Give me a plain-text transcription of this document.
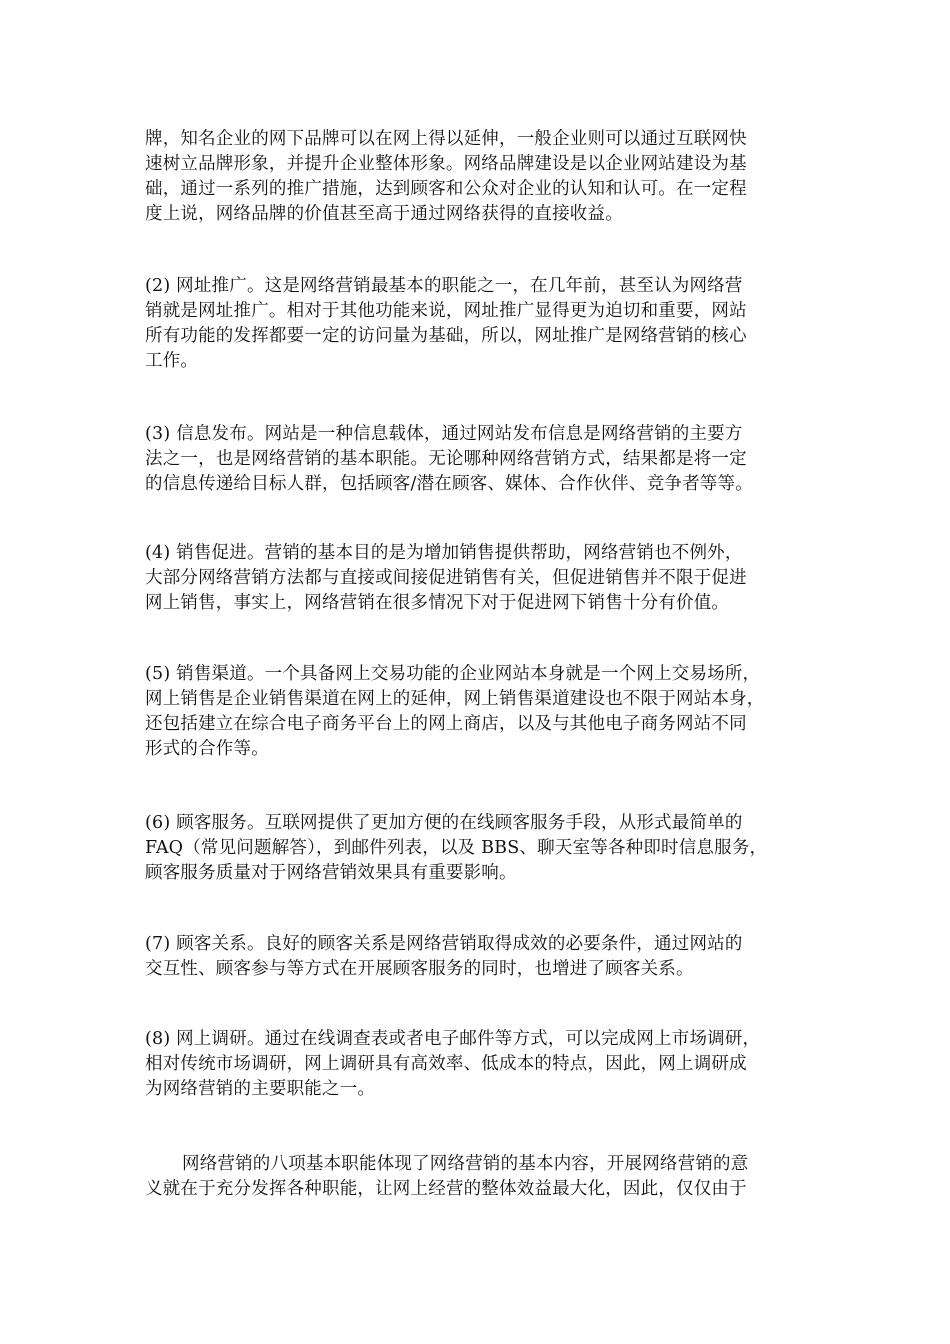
牌，知名企业的网下品牌可以在网上得以延伸，一般企业则可以通过互联网快
速树立品牌形象，并提升企业整体形象。网络品牌建设是以企业网站建设为基
础，通过一系列的推广措施，达到顾客和公众对企业的认知和认可。在一定程
度上说，网络品牌的价值甚至高于通过网络获得的直接收益。
(2) 网址推广。这是网络营销最基本的职能之一，在几年前，甚至认为网络营
销就是网址推广。相对于其他功能来说，网址推广显得更为迫切和重要，网站
所有功能的发挥都要一定的访问量为基础，所以，网址推广是网络营销的核心
工作。
(3) 信息发布。网站是一种信息载体，通过网站发布信息是网络营销的主要方
法之一，也是网络营销的基本职能。无论哪种网络营销方式，结果都是将一定
的信息传递给目标人群，包括顾客/潜在顾客、媒体、合作伙伴、竞争者等等。
(4) 销售促进。营销的基本目的是为增加销售提供帮助，网络营销也不例外，
大部分网络营销方法都与直接或间接促进销售有关，但促进销售并不限于促进
网上销售，事实上，网络营销在很多情况下对于促进网下销售十分有价值。
(5) 销售渠道。一个具备网上交易功能的企业网站本身就是一个网上交易场所，
网上销售是企业销售渠道在网上的延伸，网上销售渠道建设也不限于网站本身，
还包括建立在综合电子商务平台上的网上商店，以及与其他电子商务网站不同
形式的合作等。
(6) 顾客服务。互联网提供了更加方便的在线顾客服务手段，从形式最简单的
FAQ（常见问题解答），到邮件列表，以及 BBS、聊天室等各种即时信息服务，
顾客服务质量对于网络营销效果具有重要影响。
(7) 顾客关系。良好的顾客关系是网络营销取得成效的必要条件，通过网站的
交互性、顾客参与等方式在开展顾客服务的同时，也增进了顾客关系。
(8) 网上调研。通过在线调查表或者电子邮件等方式，可以完成网上市场调研，
相对传统市场调研，网上调研具有高效率、低成本的特点，因此，网上调研成
为网络营销的主要职能之一。
网络营销的八项基本职能体现了网络营销的基本内容，开展网络营销的意
义就在于充分发挥各种职能，让网上经营的整体效益最大化，因此，仅仅由于
